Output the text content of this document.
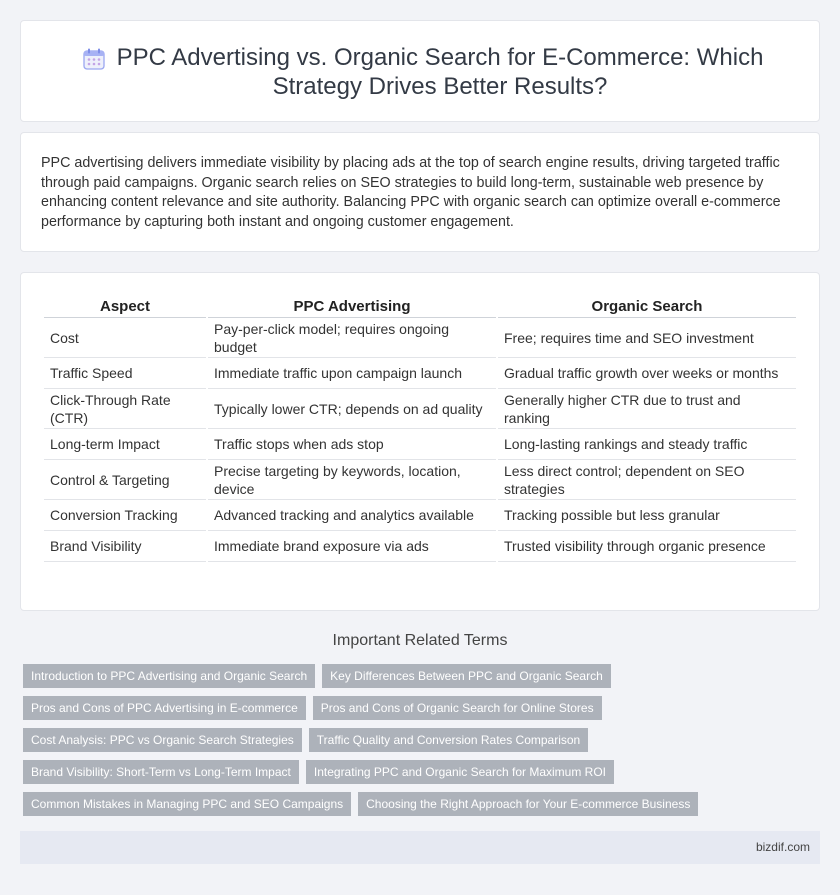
PPC Advertising vs. Organic Search for E-Commerce: Which Strategy Drives Better Results?

PPC advertising delivers immediate visibility by placing ads at the top of search engine results, driving targeted traffic through paid campaigns. Organic search relies on SEO strategies to build long-term, sustainable web presence by enhancing content relevance and site authority. Balancing PPC with organic search can optimize overall e-commerce performance by capturing both instant and ongoing customer engagement.

Aspect	PPC Advertising	Organic Search
Cost	Pay-per-click model; requires ongoing budget	Free; requires time and SEO investment
Traffic Speed	Immediate traffic upon campaign launch	Gradual traffic growth over weeks or months
Click-Through Rate (CTR)	Typically lower CTR; depends on ad quality	Generally higher CTR due to trust and ranking
Long-term Impact	Traffic stops when ads stop	Long-lasting rankings and steady traffic
Control & Targeting	Precise targeting by keywords, location, device	Less direct control; dependent on SEO strategies
Conversion Tracking	Advanced tracking and analytics available	Tracking possible but less granular
Brand Visibility	Immediate brand exposure via ads	Trusted visibility through organic presence
Important Related Terms
Introduction to PPC Advertising and Organic Search	Key Differences Between PPC and Organic Search
Pros and Cons of PPC Advertising in E-commerce	Pros and Cons of Organic Search for Online Stores
Cost Analysis: PPC vs Organic Search Strategies	Traffic Quality and Conversion Rates Comparison
Brand Visibility: Short-Term vs Long-Term Impact	Integrating PPC and Organic Search for Maximum ROI
Common Mistakes in Managing PPC and SEO Campaigns	Choosing the Right Approach for Your E-commerce Business
bizdif.com
